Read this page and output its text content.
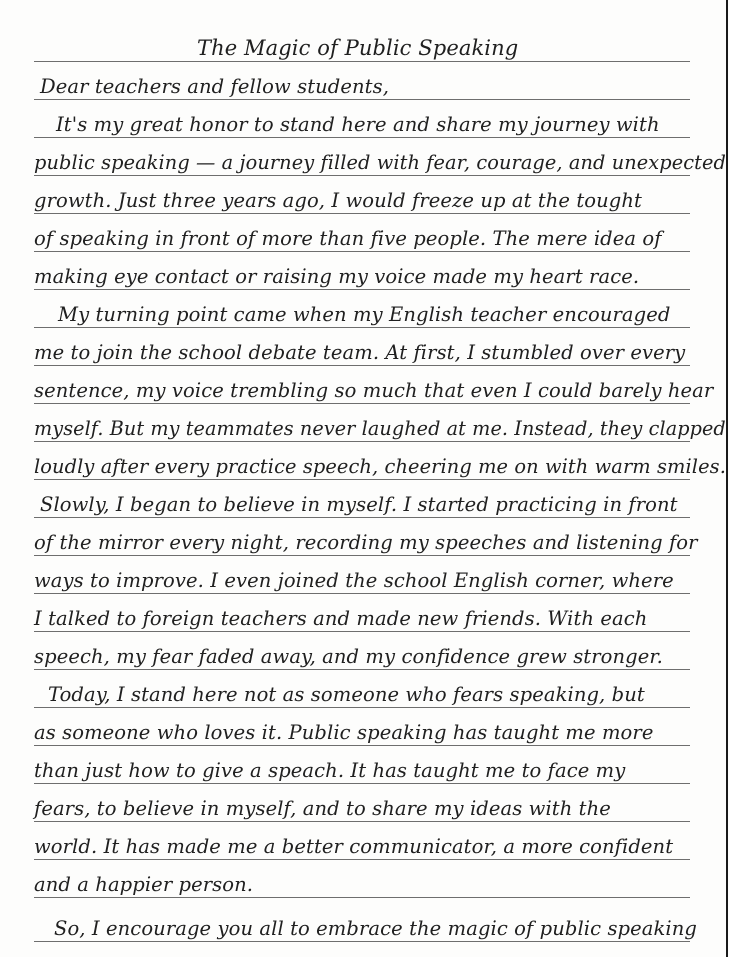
The Magic of Public Speaking
Dear teachers and fellow students,
It's my great honor to stand here and share my journey with
public speaking — a journey filled with fear, courage, and unexpected
growth. Just three years ago, I would freeze up at the tought
of speaking in front of more than five people. The mere idea of
making eye contact or raising my voice made my heart race.
My turning point came when my English teacher encouraged
me to join the school debate team. At first, I stumbled over every
sentence, my voice trembling so much that even I could barely hear
myself. But my teammates never laughed at me. Instead, they clapped
loudly after every practice speech, cheering me on with warm smiles.
Slowly, I began to believe in myself. I started practicing in front
of the mirror every night, recording my speeches and listening for
ways to improve. I even joined the school English corner, where
I talked to foreign teachers and made new friends. With each
speech, my fear faded away, and my confidence grew stronger.
Today, I stand here not as someone who fears speaking, but
as someone who loves it. Public speaking has taught me more
than just how to give a speach. It has taught me to face my
fears, to believe in myself, and to share my ideas with the
world. It has made me a better communicator, a more confident
and a happier person.
So, I encourage you all to embrace the magic of public speaking
